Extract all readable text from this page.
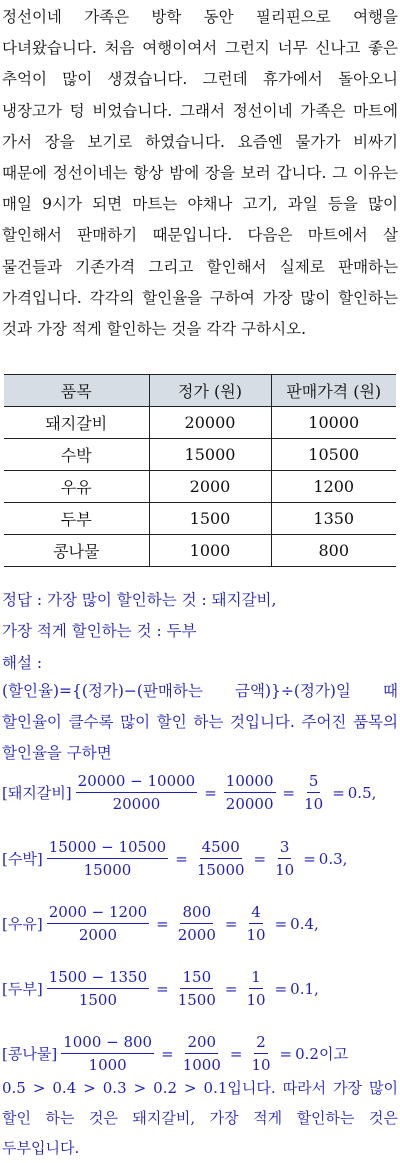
정선이네 가족은 방학 동안 필리핀으로 여행을 다녀왔습니다. 처음 여행이여서 그런지 너무 신나고 좋은 추억이 많이 생겼습니다. 그런데 휴가에서 돌아오니 냉장고가 텅 비었습니다. 그래서 정선이네 가족은 마트에 가서 장을 보기로 하였습니다. 요즘엔 물가가 비싸기 때문에 정선이네는 항상 밤에 장을 보러 갑니다. 그 이유는 매일 9시가 되면 마트는 야채나 고기, 과일 등을 많이 할인해서 판매하기 때문입니다. 다음은 마트에서 살 물건들과 기존가격 그리고 할인해서 실제로 판매하는 가격입니다. 각각의 할인율을 구하여 가장 많이 할인하는 것과 가장 적게 할인하는 것을 각각 구하시오.
품목	정가 (원)	판매가격 (원)
돼지갈비	20000	10000
수박	15000	10500
우유	2000	1200
두부	1500	1350
콩나물	1000	800
정답 : 가장 많이 할인하는 것 : 돼지갈비,
가장 적게 할인하는 것 : 두부
해설 :
(할인율)={(정가)−(판매하는 금액)}÷(정가)일 때 할인율이 클수록 많이 할인 하는 것입니다. 주어진 품목의 할인율을 구하면
[돼지갈비] $\frac{20000 - 10000}{20000} = \frac{10000}{20000} = \frac{5}{10} = 0.5$,
[수박] $\frac{15000 - 10500}{15000} = \frac{4500}{15000} = \frac{3}{10} = 0.3$,
[우유] $\frac{2000 - 1200}{2000} = \frac{800}{2000} = \frac{4}{10} = 0.4$,
[두부] $\frac{1500 - 1350}{1500} = \frac{150}{1500} = \frac{1}{10} = 0.1$,
[콩나물] $\frac{1000 - 800}{1000} = \frac{200}{1000} = \frac{2}{10} = 0.2$이고
0.5 > 0.4 > 0.3 > 0.2 > 0.1입니다. 따라서 가장 많이 할인 하는 것은 돼지갈비, 가장 적게 할인하는 것은 두부입니다.
